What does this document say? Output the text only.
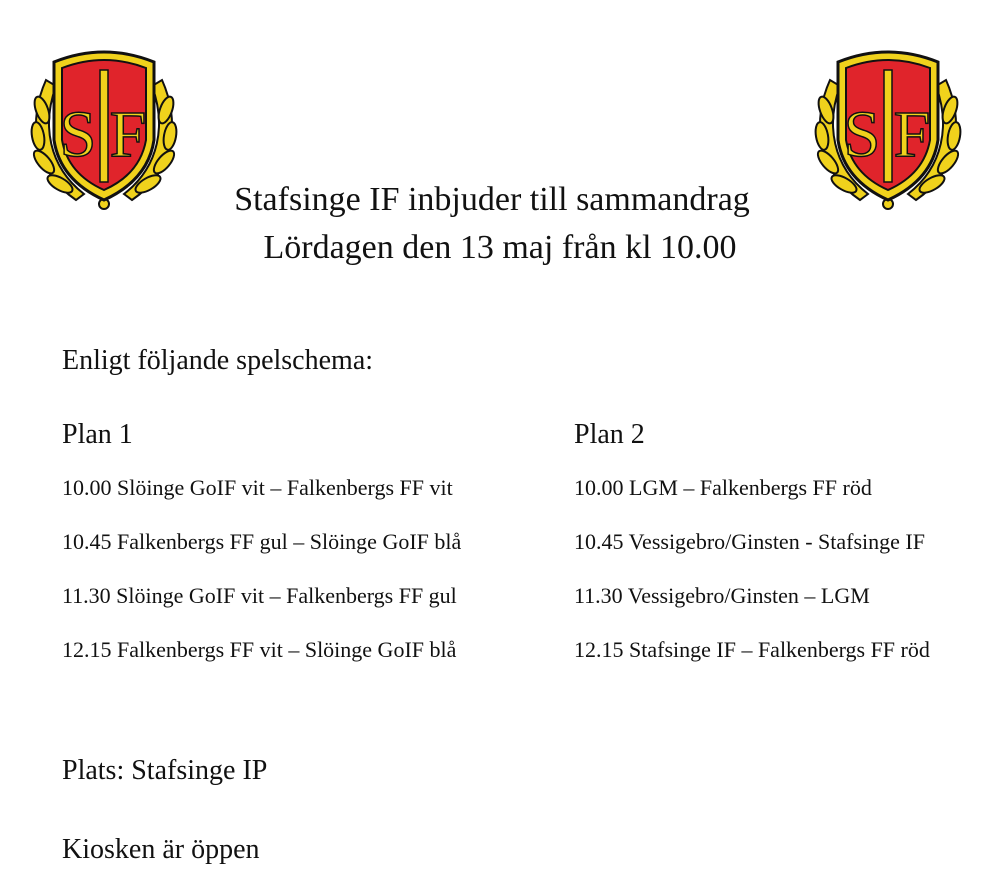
S F	S F
Stafsinge IF inbjuder till sammandrag
Lördagen den 13 maj från kl 10.00
Enligt följande spelschema:
Plan 1
10.00 Slöinge GoIF vit – Falkenbergs FF vit
10.45 Falkenbergs FF gul – Slöinge GoIF blå
11.30 Slöinge GoIF vit – Falkenbergs FF gul
12.15 Falkenbergs FF vit – Slöinge GoIF blå
Plan 2
10.00 LGM – Falkenbergs FF röd
10.45 Vessigebro/Ginsten - Stafsinge IF
11.30 Vessigebro/Ginsten – LGM
12.15 Stafsinge IF – Falkenbergs FF röd
Plats: Stafsinge IP
Kiosken är öppen
